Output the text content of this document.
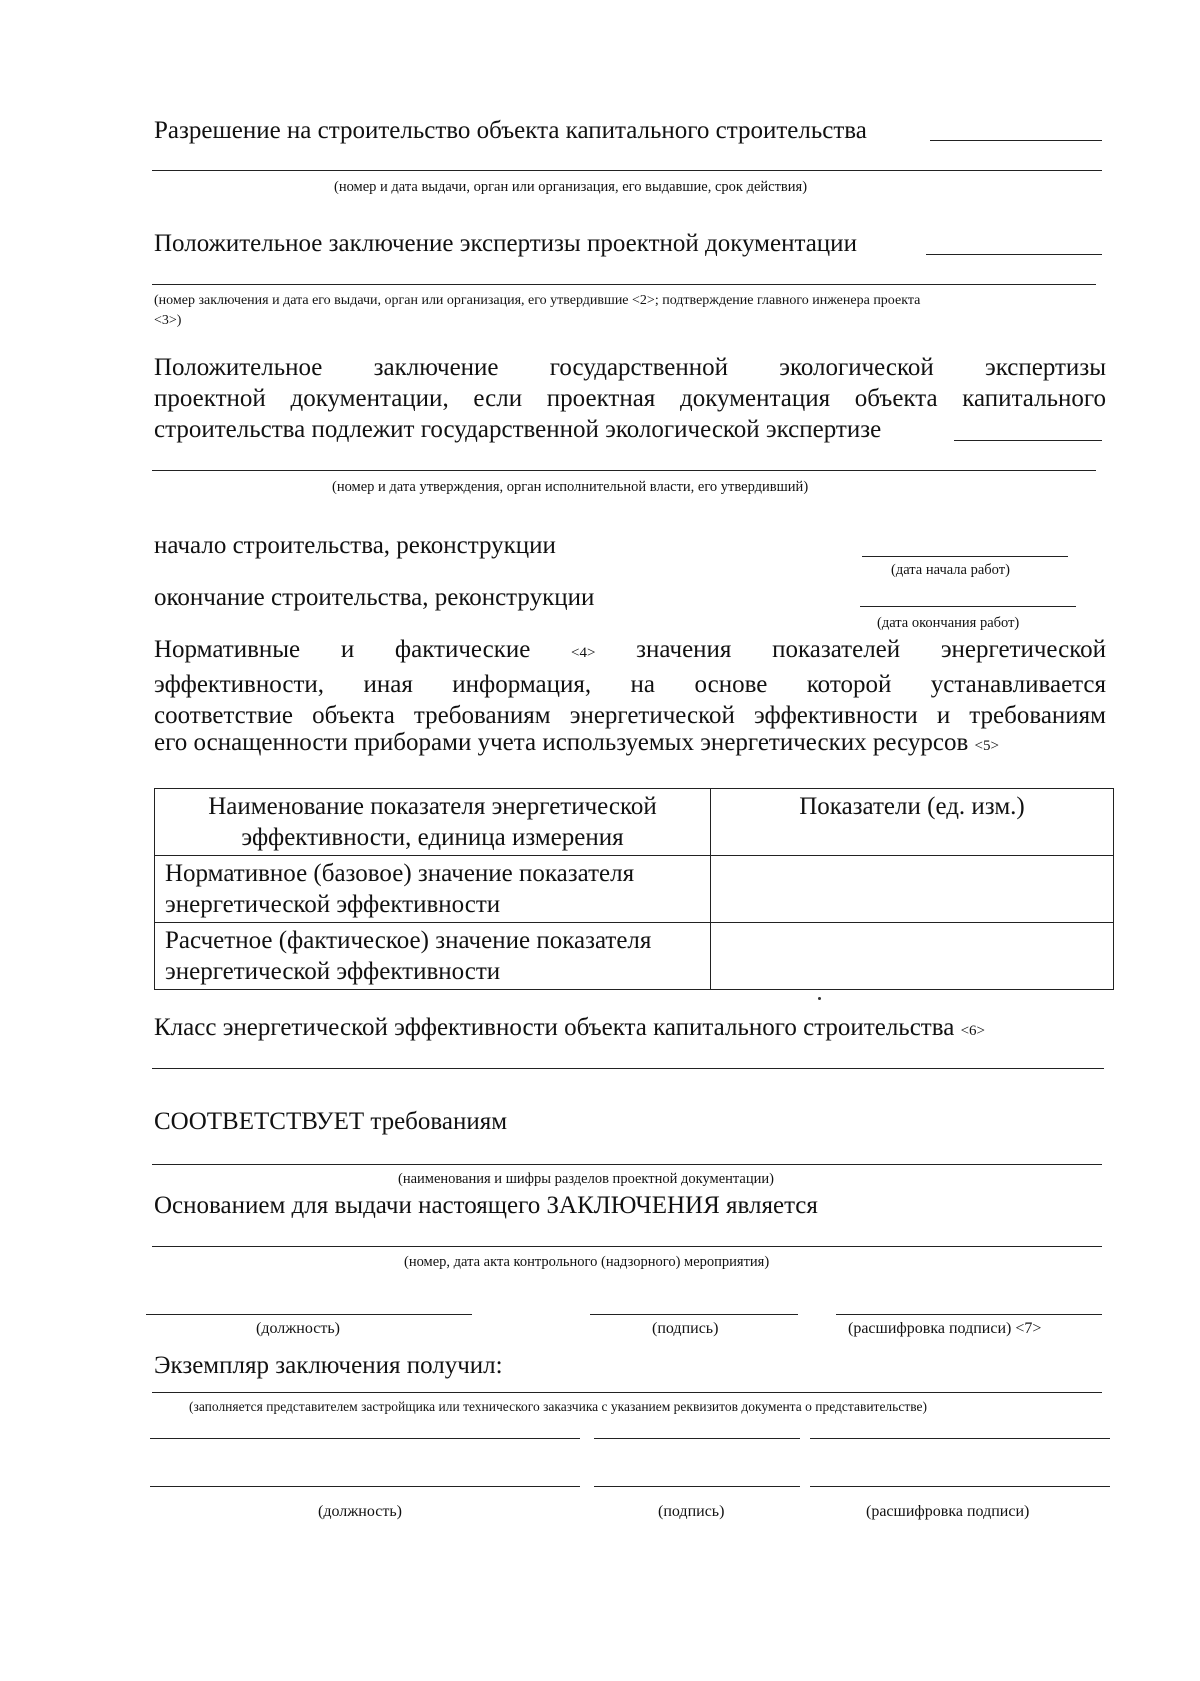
Разрешение на строительство объекта капитального строительства
(номер и дата выдачи, орган или организация, его выдавшие, срок действия)
Положительное заключение экспертизы проектной документации
(номер заключения и дата его выдачи, орган или организация, его утвердившие <2>; подтверждение главного инженера проекта
<3>)
Положительное заключение государственной экологической экспертизы
проектной документации, если проектная документация объекта капитального
строительства подлежит государственной экологической экспертизе
(номер и дата утверждения, орган исполнительной власти, его утвердивший)
начало строительства, реконструкции
(дата начала работ)
окончание строительства, реконструкции
(дата окончания работ)
Нормативные и фактические	<4> значения показателей энергетической
эффективности, иная информация, на основе которой устанавливается
соответствие объекта требованиям энергетической эффективности и требованиям
его оснащенности приборами учета используемых энергетических ресурсов <5>
Наименование показателя энергетической эффективности, единица измерения	Показатели (ед. изм.)
Нормативное (базовое) значение показателя энергетической эффективности	
Расчетное (фактическое) значение показателя энергетической эффективности	
Класс энергетической эффективности объекта капитального строительства <6>
СООТВЕТСТВУЕТ требованиям
(наименования и шифры разделов проектной документации)
Основанием для выдачи настоящего ЗАКЛЮЧЕНИЯ является
(номер, дата акта контрольного (надзорного) мероприятия)
(должность)	(подпись)	(расшифровка подписи) <7>
Экземпляр заключения получил:
(заполняется представителем застройщика или технического заказчика с указанием реквизитов документа о представительстве)
(должность)	(подпись)	(расшифровка подписи)
